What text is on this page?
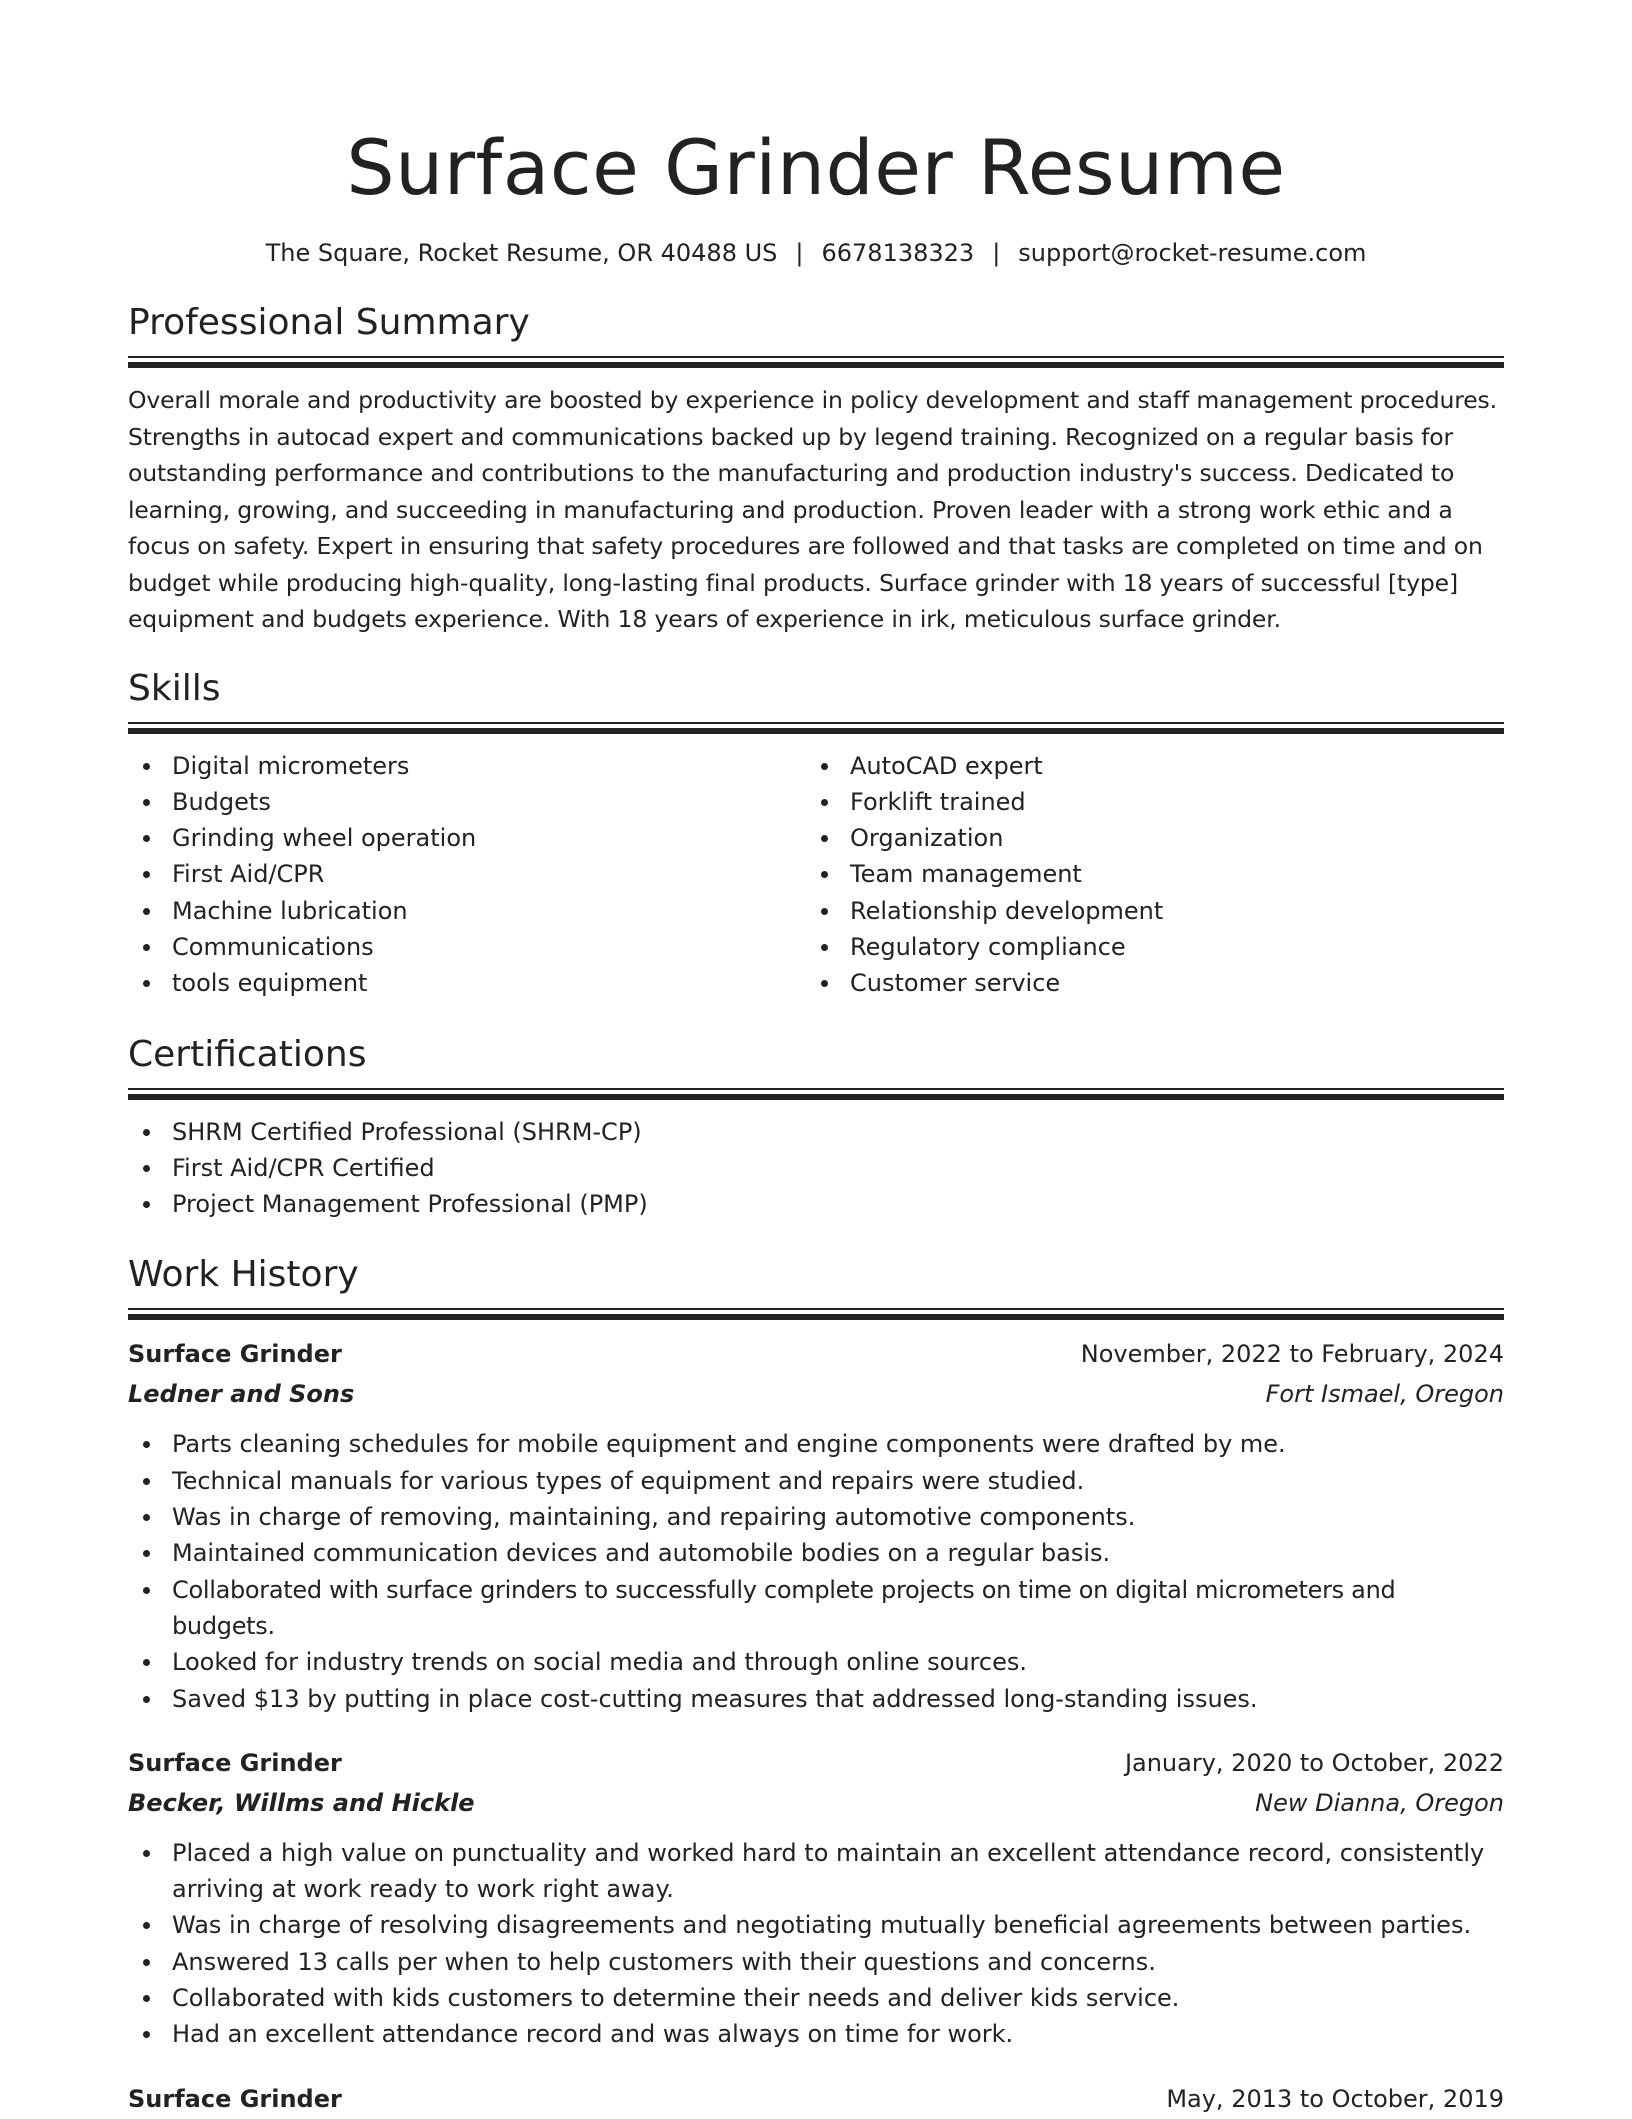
Surface Grinder Resume
The Square, Rocket Resume, OR 40488 US | 6678138323 | support@rocket-resume.com
Professional Summary

Overall morale and productivity are boosted by experience in policy development and staff management procedures. Strengths in autocad expert and communications backed up by legend training. Recognized on a regular basis for outstanding performance and contributions to the manufacturing and production industry's success. Dedicated to learning, growing, and succeeding in manufacturing and production. Proven leader with a strong work ethic and a focus on safety. Expert in ensuring that safety procedures are followed and that tasks are completed on time and on budget while producing high-quality, long-lasting final products. Surface grinder with 18 years of successful [type] equipment and budgets experience. With 18 years of experience in irk, meticulous surface grinder.

Skills
Digital micrometers
Budgets
Grinding wheel operation
First Aid/CPR
Machine lubrication
Communications
tools equipment
AutoCAD expert
Forklift trained
Organization
Team management
Relationship development
Regulatory compliance
Customer service
Certifications
SHRM Certified Professional (SHRM-CP)
First Aid/CPR Certified
Project Management Professional (PMP)
Work History
Surface Grinder	November, 2022 to February, 2024
Ledner and Sons	Fort Ismael, Oregon
Parts cleaning schedules for mobile equipment and engine components were drafted by me.
Technical manuals for various types of equipment and repairs were studied.
Was in charge of removing, maintaining, and repairing automotive components.
Maintained communication devices and automobile bodies on a regular basis.
Collaborated with surface grinders to successfully complete projects on time on digital micrometers and budgets.
Looked for industry trends on social media and through online sources.
Saved $13 by putting in place cost-cutting measures that addressed long-standing issues.
Surface Grinder	January, 2020 to October, 2022
Becker, Willms and Hickle	New Dianna, Oregon
Placed a high value on punctuality and worked hard to maintain an excellent attendance record, consistently arriving at work ready to work right away.
Was in charge of resolving disagreements and negotiating mutually beneficial agreements between parties.
Answered 13 calls per when to help customers with their questions and concerns.
Collaborated with kids customers to determine their needs and deliver kids service.
Had an excellent attendance record and was always on time for work.
Surface Grinder	May, 2013 to October, 2019
